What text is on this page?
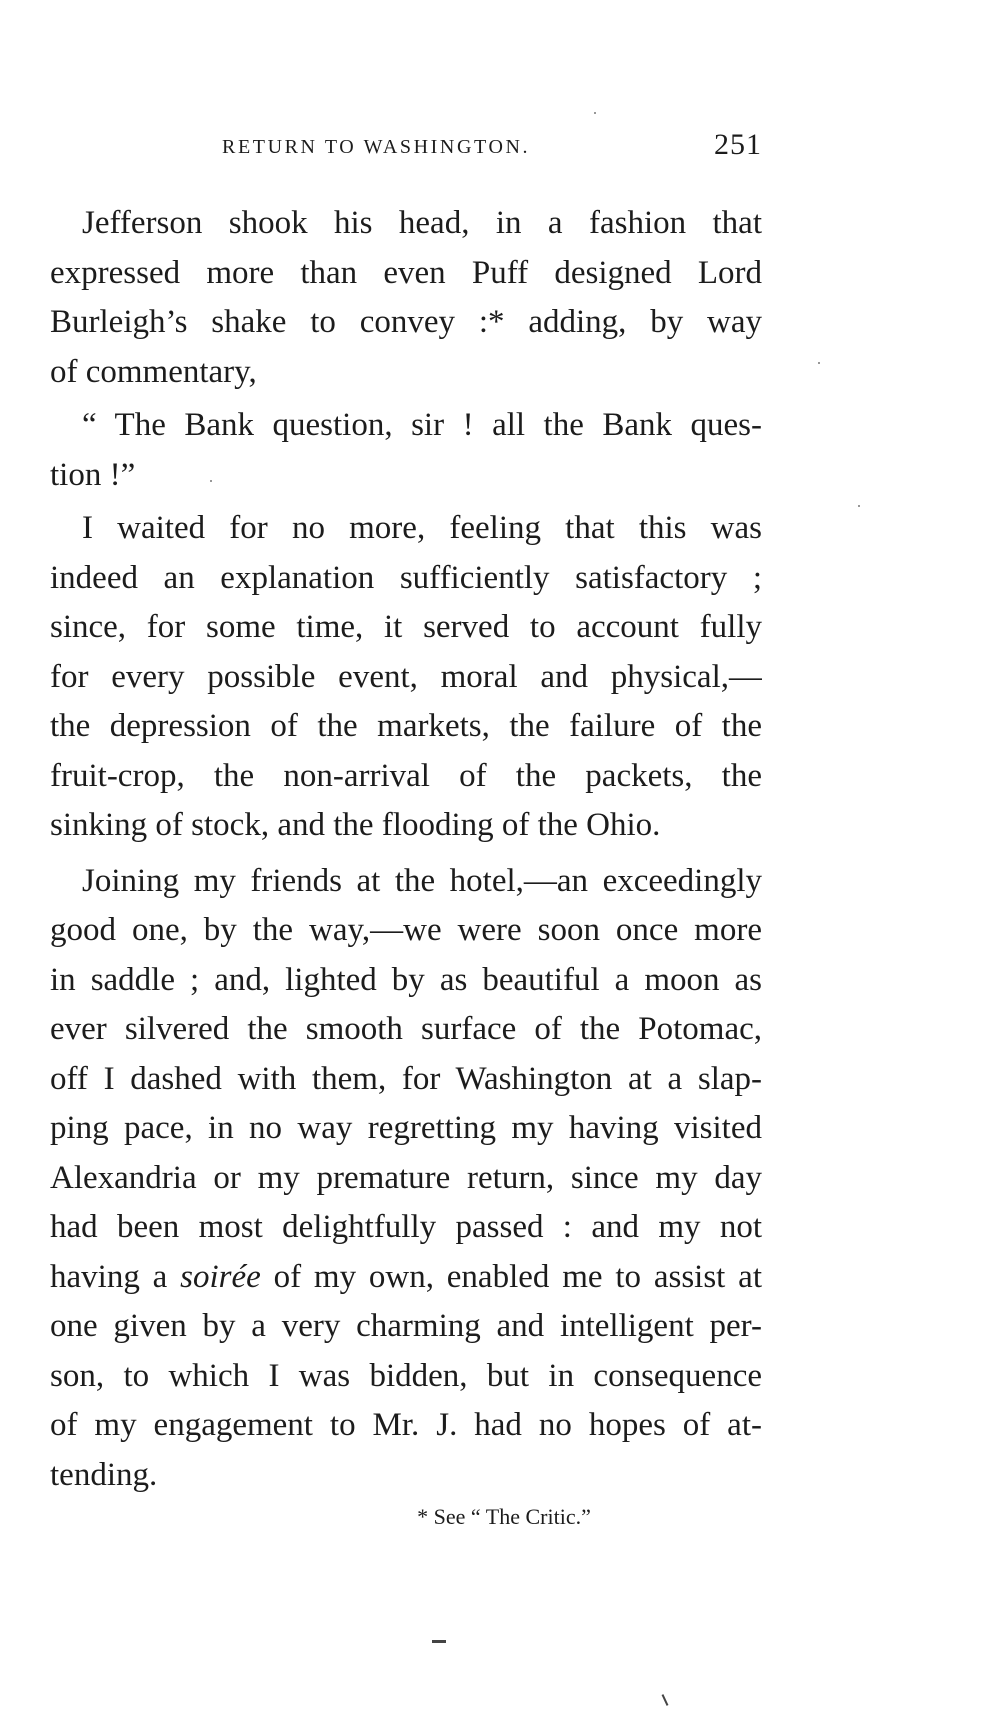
RETURN TO WASHINGTON.	251
Jefferson shook his head, in a fashion that
expressed more than even Puff designed Lord
Burleigh’s shake to convey :* adding, by way
of commentary,
“ The Bank question, sir ! all the Bank ques-
tion !”
I waited for no more, feeling that this was
indeed an explanation sufficiently satisfactory ;
since, for some time, it served to account fully
for every possible event, moral and physical,—
the depression of the markets, the failure of the
fruit-crop, the non-arrival of the packets, the
sinking of stock, and the flooding of the Ohio.
Joining my friends at the hotel,—an exceedingly
good one, by the way,—we were soon once more
in saddle ; and, lighted by as beautiful a moon as
ever silvered the smooth surface of the Potomac,
off I dashed with them, for Washington at a slap-
ping pace, in no way regretting my having visited
Alexandria or my premature return, since my day
had been most delightfully passed : and my not
having a soirée of my own, enabled me to assist at
one given by a very charming and intelligent per-
son, to which I was bidden, but in consequence
of my engagement to Mr. J. had no hopes of at-
tending.
* See “ The Critic.”
